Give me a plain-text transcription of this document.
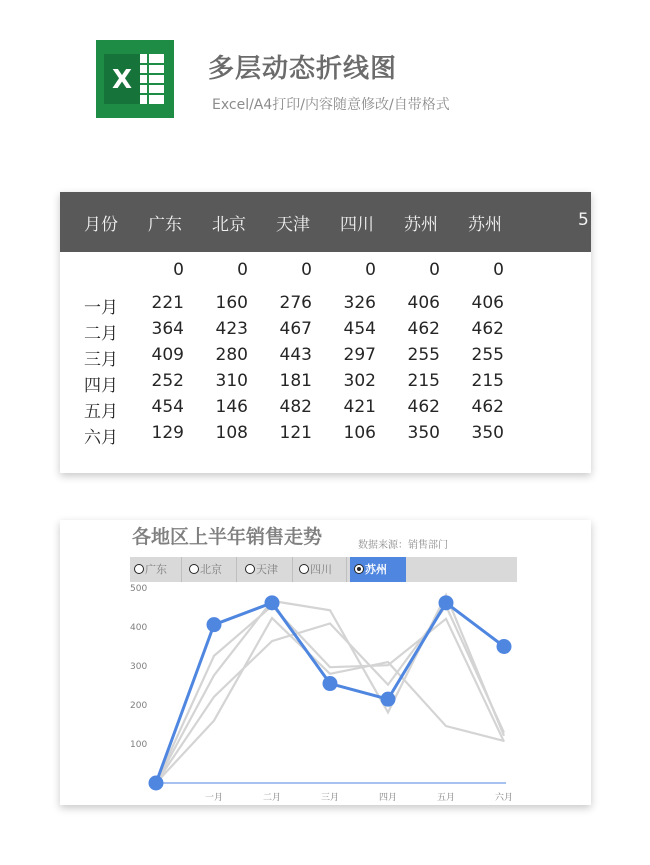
X	多层动态折线图
Excel/A4打印/内容随意修改/自带格式
月份 广东 北京 天津 四川 苏州 苏州	5
0	0	0	0	0	0
一月	221	160	276	326	406	406
二月	364	423	467	454	462	462
三月	409	280	443	297	255	255
四月	252	310	181	302	215	215
五月	454	146	482	421	462	462
六月	129	108	121	106	350	350
各地区上半年销售走势	数据来源：销售部门
广东	北京	天津	四川	苏州
100
200
300
400
500
一月	二月	三月	四月	五月	六月
